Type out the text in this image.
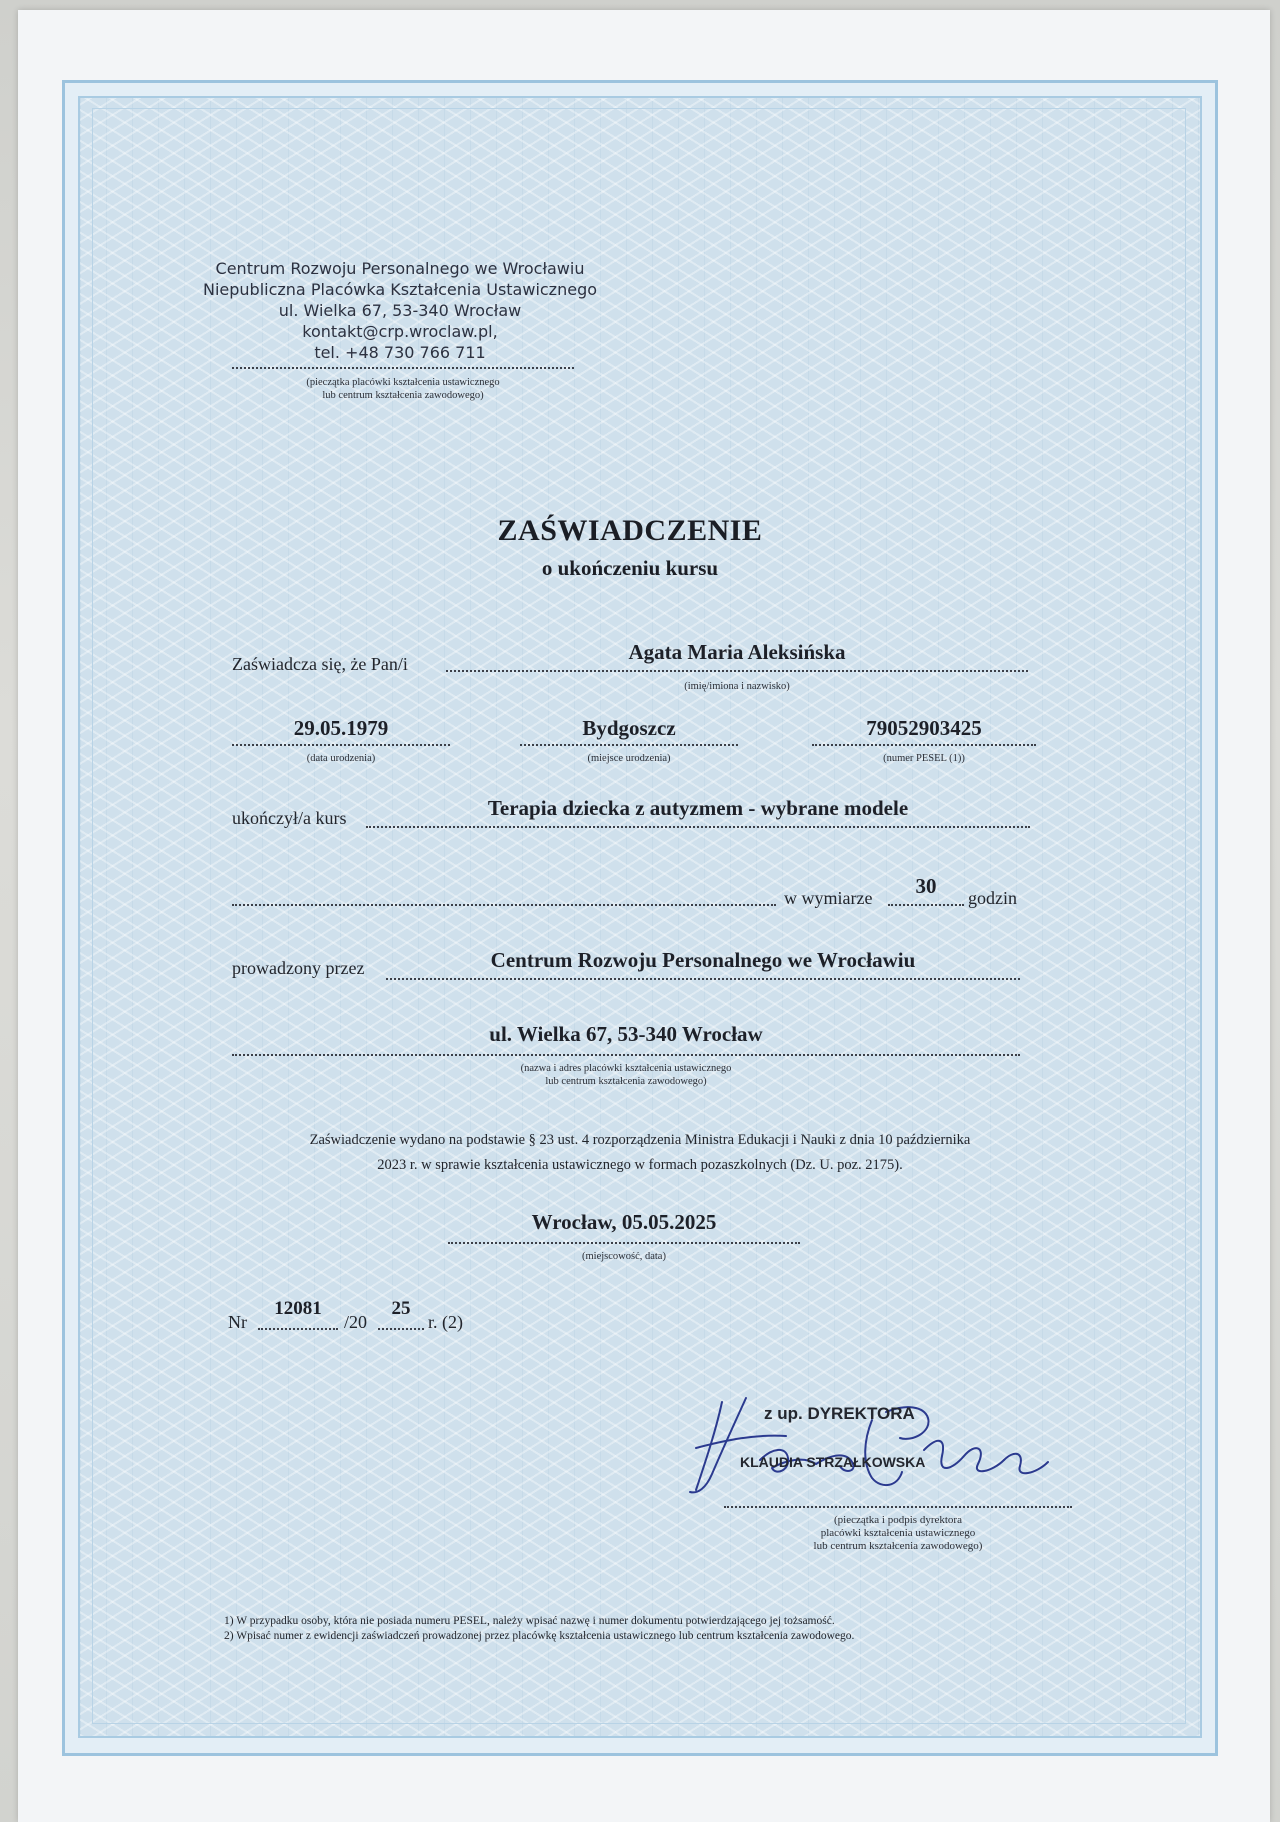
Centrum Rozwoju Personalnego we Wrocławiu
Niepubliczna Placówka Kształcenia Ustawicznego
ul. Wielka 67, 53-340 Wrocław
kontakt@crp.wroclaw.pl,
tel. +48 730 766 711
(pieczątka placówki kształcenia ustawicznego
lub centrum kształcenia zawodowego)
ZAŚWIADCZENIE
o ukończeniu kursu
Zaświadcza się, że Pan/i	Agata Maria Aleksińska
(imię/imiona i nazwisko)
29.05.1979
(data urodzenia)
Bydgoszcz
(miejsce urodzenia)
79052903425
(numer PESEL (1))
ukończył/a kurs	Terapia dziecka z autyzmem - wybrane modele
w wymiarze	30	godzin
prowadzony przez	Centrum Rozwoju Personalnego we Wrocławiu
ul. Wielka 67, 53-340 Wrocław
(nazwa i adres placówki kształcenia ustawicznego
lub centrum kształcenia zawodowego)
Zaświadczenie wydano na podstawie § 23 ust. 4 rozporządzenia Ministra Edukacji i Nauki z dnia 10 października
2023 r. w sprawie kształcenia ustawicznego w formach pozaszkolnych (Dz. U. poz. 2175).
Wrocław, 05.05.2025
(miejscowość, data)
Nr
12081
/20
25
r. (2)
z up. DYREKTORA
KLAUDIA STRZAŁKOWSKA
(pieczątka i podpis dyrektora
placówki kształcenia ustawicznego
lub centrum kształcenia zawodowego)
1) W przypadku osoby, która nie posiada numeru PESEL, należy wpisać nazwę i numer dokumentu potwierdzającego jej tożsamość.
2) Wpisać numer z ewidencji zaświadczeń prowadzonej przez placówkę kształcenia ustawicznego lub centrum kształcenia zawodowego.
